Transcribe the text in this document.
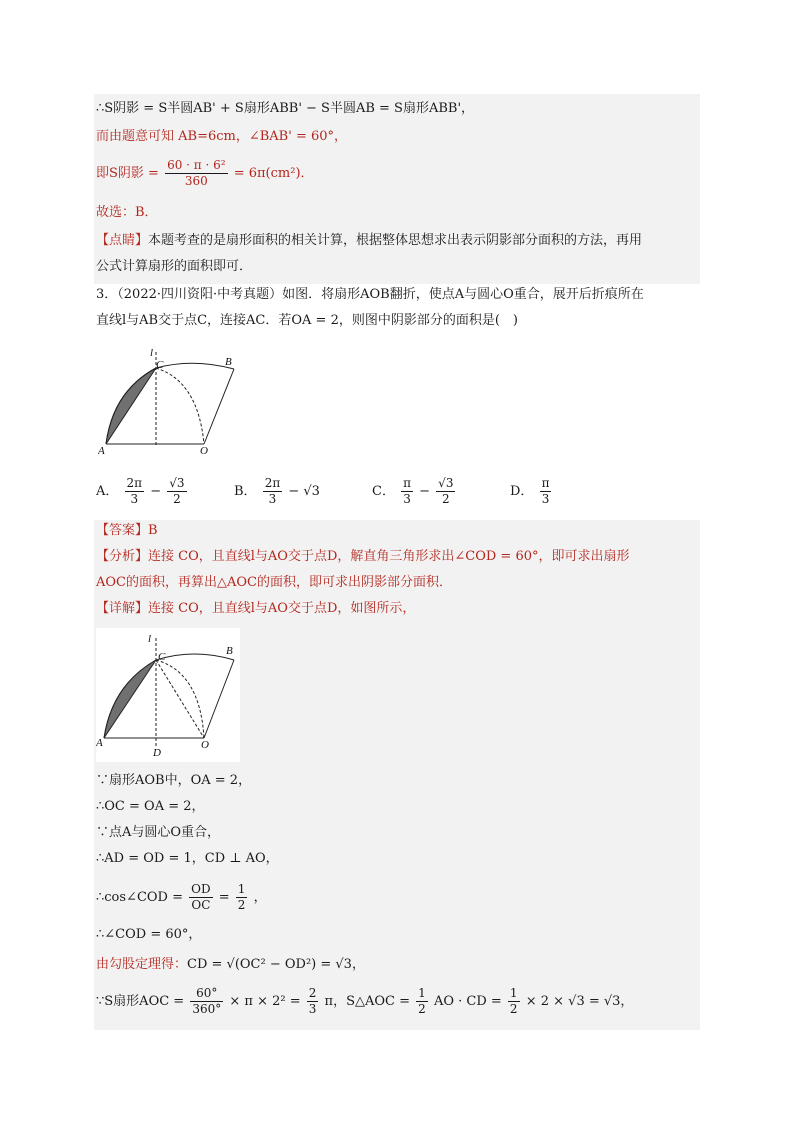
∴S阴影 = S半圆AB' + S扇形ABB' − S半圆AB = S扇形ABB'，
而由题意可知 AB=6cm，∠BAB' = 60°，
即S阴影 = $\frac{\text{60 · π · 6²}}{360} = 6\pi(cm^2)$．
故选：B．
【点睛】本题考查的是扇形面积的相关计算，根据整体思想求出表示阴影部分面积的方法，再用
公式计算扇形的面积即可．
3．（2022·四川资阳·中考真题）如图．将扇形AOB翻折，使点A与圆心O重合，展开后折痕所在
直线l与AB交于点C，连接AC．若OA = 2，则图中阴影部分的面积是(　)
l
C	B
A	O
A． $\frac{2\pi}{3} - \frac{√3}{2}$	B． $\frac{2\pi}{3} - √3$	C． $\frac{\pi}{3} - \frac{√3}{2}$	D． $\frac{\pi}{3}$
【答案】B
【分析】连接 CO，且直线l与AO交于点D，解直角三角形求出∠COD = 60°，即可求出扇形
AOC的面积，再算出△AOC的面积，即可求出阴影部分面积．
【详解】连接 CO，且直线l与AO交于点D，如图所示，
l
C	B
A
D
O
∵扇形AOB中，OA = 2，
∴OC = OA = 2，
∵点A与圆心O重合，
∴AD = OD = 1，CD ⊥ AO，
∴cos∠COD = $\frac{OD}{OC} = \frac{1}{2}$ ，
∴∠COD = 60°，
由勾股定理得：CD = √(OC² − OD²) = √3，
∵S扇形AOC = $\frac{60^\circ}{360^\circ} \times \pi \times 2^2 = \frac{2}{3}$ π，S△AOC = $\frac{1}{2}$ AO · CD = $\frac{1}{2} \times 2 \times √3 = √3$，
